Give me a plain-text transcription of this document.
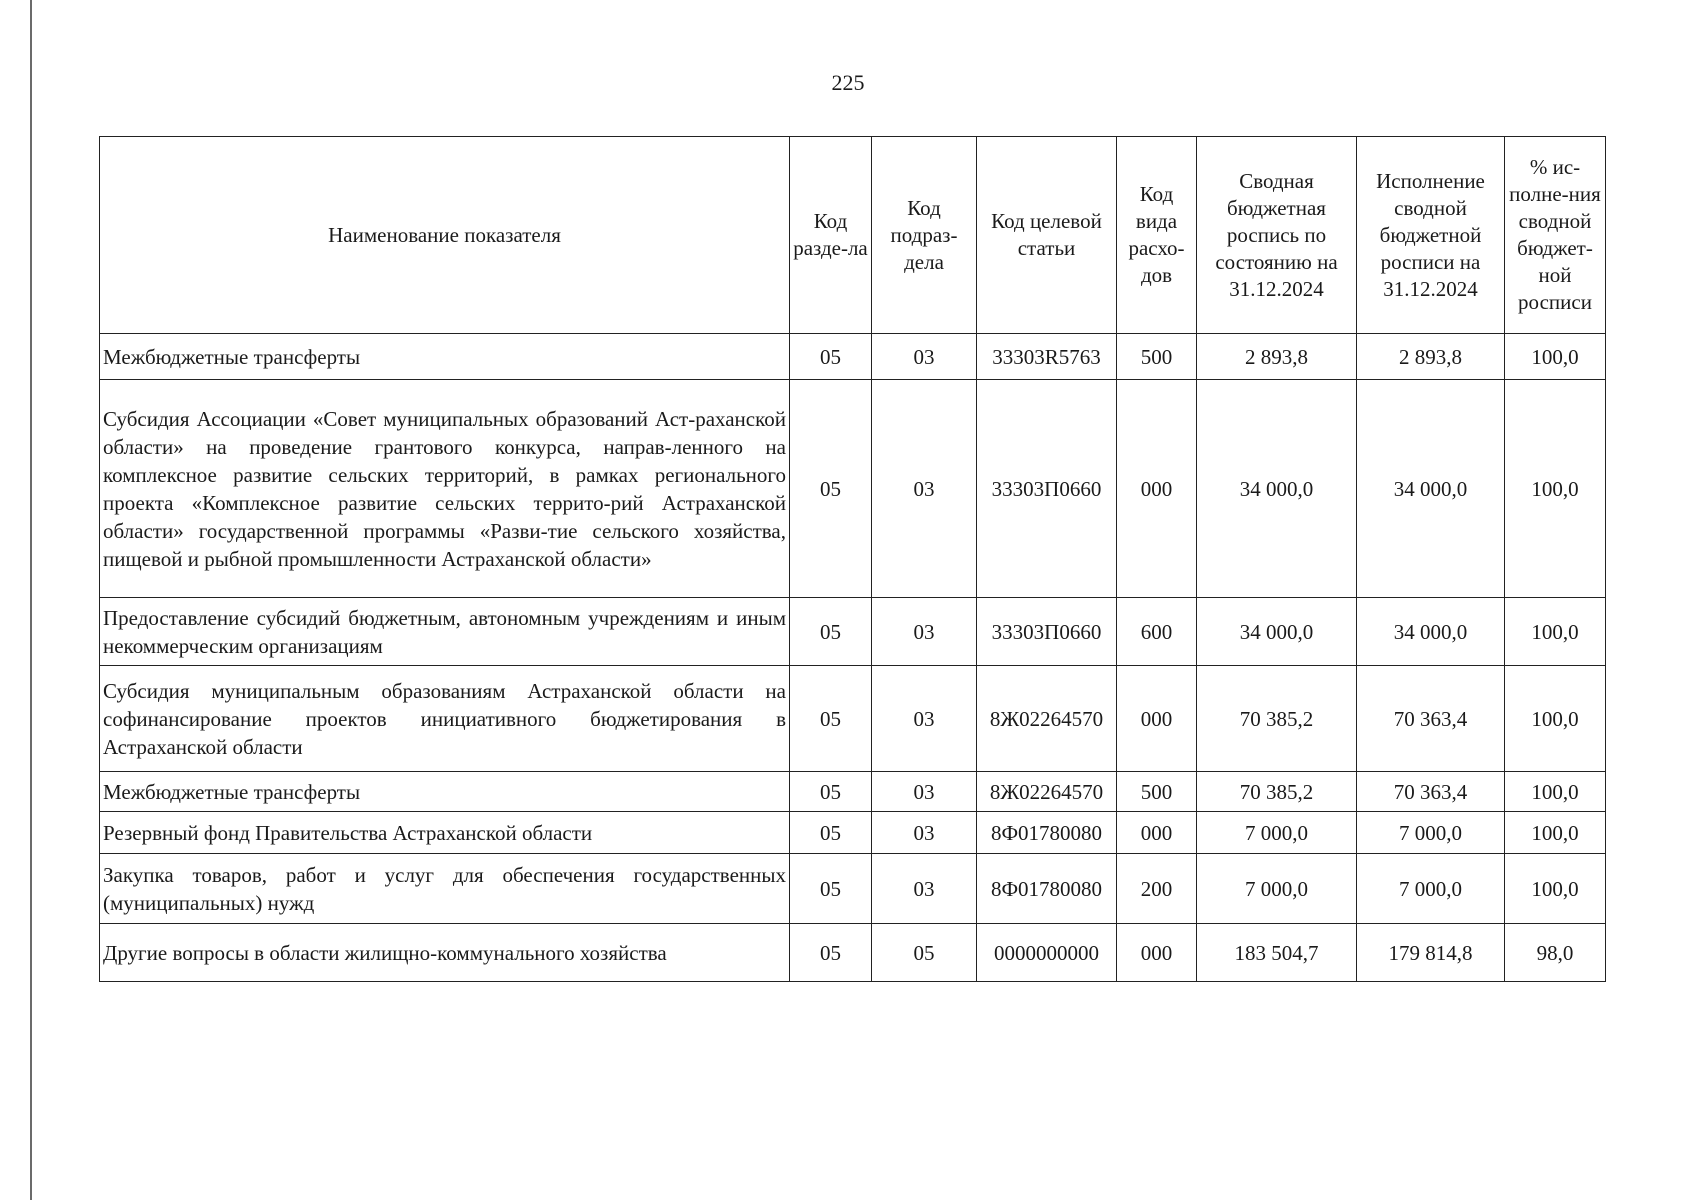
225
Наименование показателя	Код разде-ла	Код подраз-дела	Код целевой статьи	Код вида расхо-дов	Сводная бюджетная роспись по состоянию на 31.12.2024	Исполнение сводной бюджетной росписи на 31.12.2024	% ис-полне-ния сводной бюджет-ной росписи
Межбюджетные трансферты	05	03	33303R5763	500	2 893,8	2 893,8	100,0
Субсидия Ассоциации «Совет муниципальных образований Аст-раханской области» на проведение грантового конкурса, направ-ленного на комплексное развитие сельских территорий, в рамках регионального проекта «Комплексное развитие сельских террито-рий Астраханской области» государственной программы «Разви-тие сельского хозяйства, пищевой и рыбной промышленности Астраханской области»	05	03	33303П0660	000	34 000,0	34 000,0	100,0
Предоставление субсидий бюджетным, автономным учреждениям и иным некоммерческим организациям	05	03	33303П0660	600	34 000,0	34 000,0	100,0
Субсидия муниципальным образованиям Астраханской области на софинансирование проектов инициативного бюджетирования в Астраханской области	05	03	8Ж02264570	000	70 385,2	70 363,4	100,0
Межбюджетные трансферты	05	03	8Ж02264570	500	70 385,2	70 363,4	100,0
Резервный фонд Правительства Астраханской области	05	03	8Ф01780080	000	7 000,0	7 000,0	100,0
Закупка товаров, работ и услуг для обеспечения государственных (муниципальных) нужд	05	03	8Ф01780080	200	7 000,0	7 000,0	100,0
Другие вопросы в области жилищно-коммунального хозяйства	05	05	0000000000	000	183 504,7	179 814,8	98,0
